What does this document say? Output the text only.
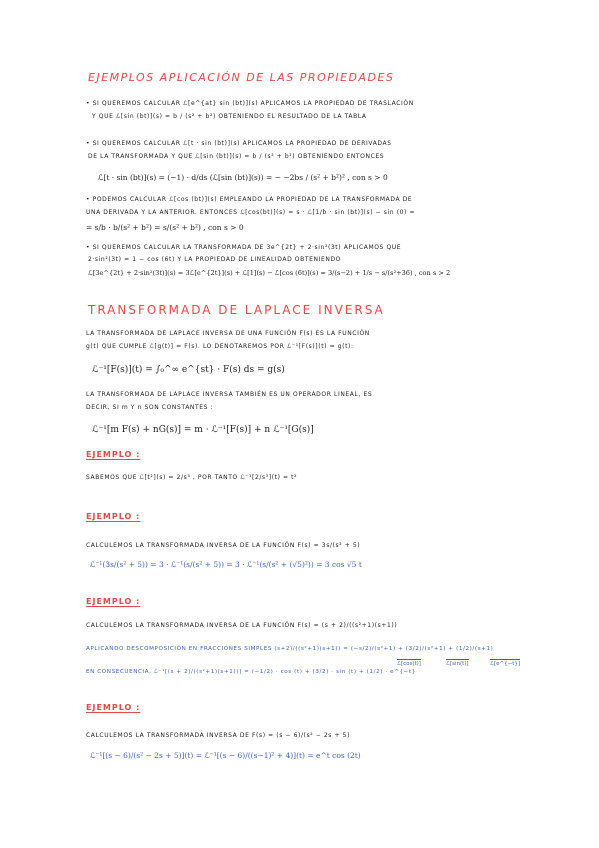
EJEMPLOS APLICACIÓN DE LAS PROPIEDADES
• SI QUEREMOS CALCULAR ℒ[e^{at} sin (bt)](s) APLICAMOS LA PROPIEDAD DE TRASLACIÓN
Y QUE ℒ[sin (bt)](s) = b / (s² + b²) OBTENIENDO EL RESULTADO DE LA TABLA
• SI QUEREMOS CALCULAR ℒ[t · sin (bt)](s) APLICAMOS LA PROPIEDAD DE DERIVADAS
DE LA TRANSFORMADA Y QUE ℒ[sin (bt)](s) = b / (s² + b²) OBTENIENDO ENTONCES
ℒ[t · sin (bt)](s) = (−1) · d/ds (ℒ[sin (bt)](s)) = − −2bs / (s² + b²)² , con s > 0
• PODEMOS CALCULAR ℒ[cos (bt)](s) EMPLEANDO LA PROPIEDAD DE LA TRANSFORMADA DE
UNA DERIVADA Y LA ANTERIOR. ENTONCES ℒ[cos(bt)](s) = s · ℒ[1/b · sin (bt)](s) − sin (0) =
= s/b · b/(s² + b²) = s/(s² + b²) , con s > 0
• SI QUEREMOS CALCULAR LA TRANSFORMADA DE 3e^{2t} + 2·sin²(3t) APLICAMOS QUE
2·sin²(3t) = 1 − cos (6t) Y LA PROPIEDAD DE LINEALIDAD OBTENIENDO
ℒ[3e^{2t} + 2·sin²(3t)](s) = 3ℒ[e^{2t}](s) + ℒ[1](s) − ℒ[cos (6t)](s) = 3/(s−2) + 1/s − s/(s²+36) , con s > 2
TRANSFORMADA DE LAPLACE INVERSA
LA TRANSFORMADA DE LAPLACE INVERSA DE UNA FUNCIÓN F(s) ES LA FUNCIÓN
g(t) QUE CUMPLE ℒ[g(t)] = F(s). LO DENOTAREMOS POR ℒ⁻¹[F(s)](t) = g(t):
ℒ⁻¹[F(s)](t) = ∫₀^∞ e^{st} · F(s) ds = g(s)
LA TRANSFORMADA DE LAPLACE INVERSA TAMBIÉN ES UN OPERADOR LINEAL, ES
DECIR, SI m Y n SON CONSTANTES :
ℒ⁻¹[m F(s) + nG(s)] = m · ℒ⁻¹[F(s)] + n ℒ⁻¹[G(s)]
EJEMPLO :
SABEMOS QUE ℒ[t²](s) = 2/s³ , POR TANTO ℒ⁻¹[2/s³](t) = t²
EJEMPLO :
CALCULEMOS LA TRANSFORMADA INVERSA DE LA FUNCIÓN F(s) = 3s/(s² + 5)
ℒ⁻¹(3s/(s² + 5)) = 3 · ℒ⁻¹(s/(s² + 5)) = 3 · ℒ⁻¹(s/(s² + (√5)²)) = 3 cos √5 t
EJEMPLO :
CALCULEMOS LA TRANSFORMADA INVERSA DE LA FUNCIÓN F(s) = (s + 2)/((s²+1)(s+1))
APLICANDO DESCOMPOSICIÓN EN FRACCIONES SIMPLES (s+2)/((s²+1)(s+1)) = (−s/2)/(s²+1) + (3/2)/(s²+1) + (1/2)/(s+1)
ℒ[cos(t)]	ℒ[sin(t)]	ℒ[e^{−t}]
EN CONSECUENCIA, ℒ⁻¹[(s + 2)/((s²+1)(s+1))] = (−1/2) · cos (t) + (3/2) · sin (t) + (1/2) · e^{−t}
EJEMPLO :
CALCULEMOS LA TRANSFORMADA INVERSA DE F(s) = (s − 6)/(s² − 2s + 5)
ℒ⁻¹[(s − 6)/(s² − 2s + 5)](t) = ℒ⁻¹[(s − 6)/((s−1)² + 4)](t) = e^t cos (2t)
